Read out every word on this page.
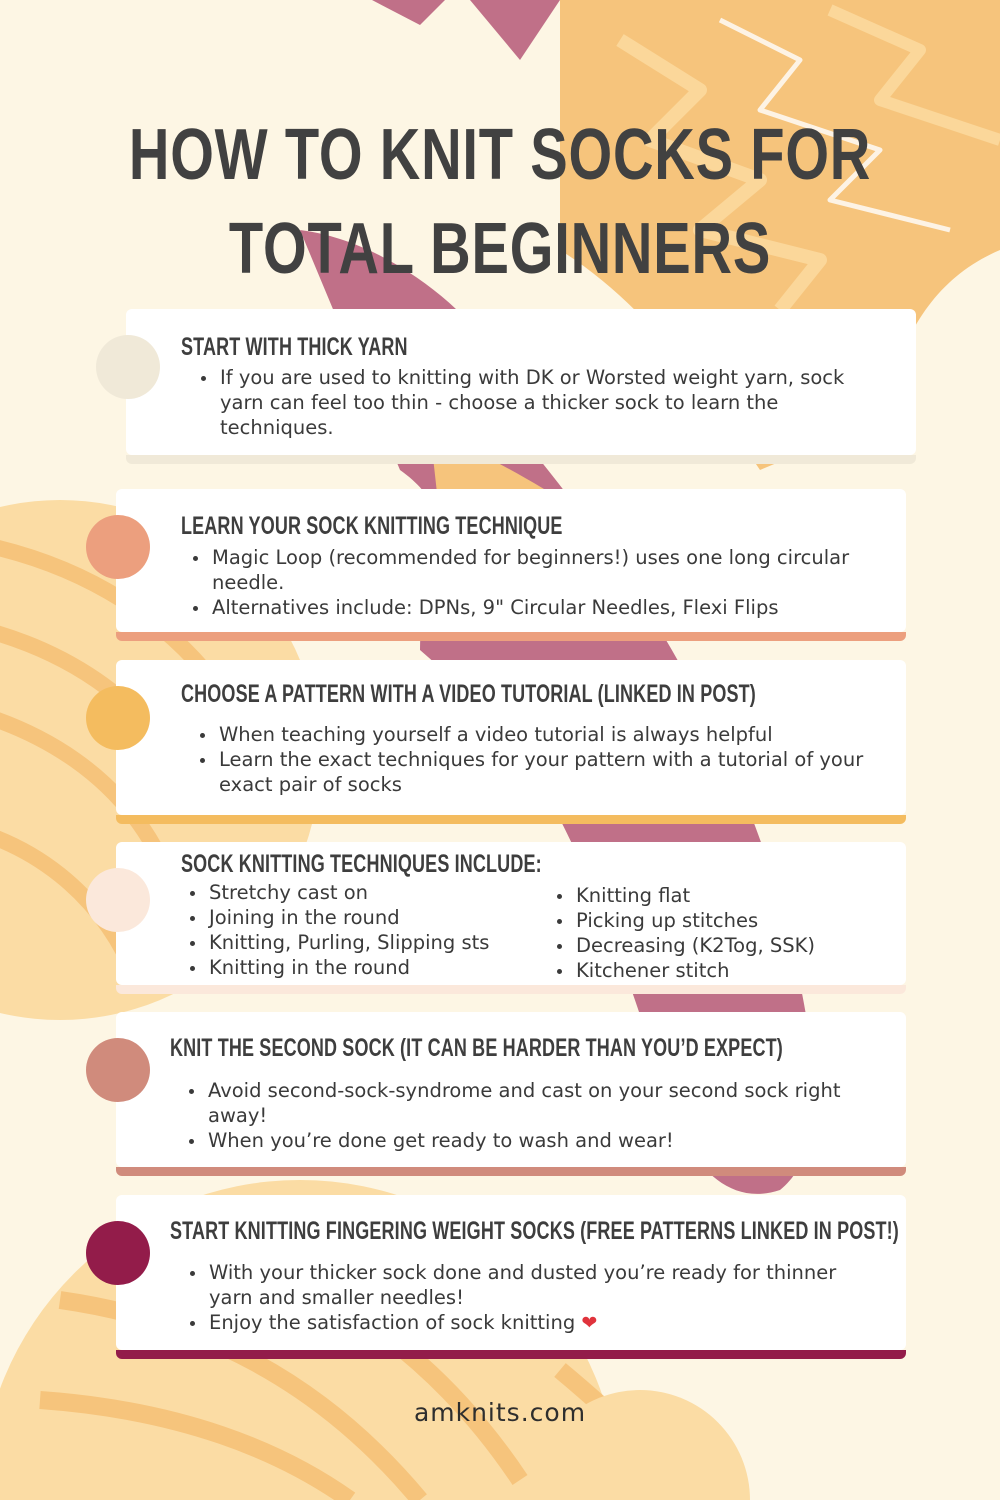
HOW TO KNIT SOCKS FOR
TOTAL BEGINNERS
START WITH THICK YARN
• If you are used to knitting with DK or Worsted weight yarn, sock yarn can feel too thin - choose a thicker sock to learn the techniques.
LEARN YOUR SOCK KNITTING TECHNIQUE
• Magic Loop (recommended for beginners!) uses one long circular needle.
• Alternatives include: DPNs, 9" Circular Needles, Flexi Flips
CHOOSE A PATTERN WITH A VIDEO TUTORIAL (LINKED IN POST)
• When teaching yourself a video tutorial is always helpful
• Learn the exact techniques for your pattern with a tutorial of your exact pair of socks
SOCK KNITTING TECHNIQUES INCLUDE:
• Stretchy cast on
• Joining in the round
• Knitting, Purling, Slipping sts
• Knitting in the round
• Knitting flat
• Picking up stitches
• Decreasing (K2Tog, SSK)
• Kitchener stitch
KNIT THE SECOND SOCK (IT CAN BE HARDER THAN YOU’D EXPECT)
• Avoid second-sock-syndrome and cast on your second sock right away!
• When you’re done get ready to wash and wear!
START KNITTING FINGERING WEIGHT SOCKS (FREE PATTERNS LINKED IN POST!)
• With your thicker sock done and dusted you’re ready for thinner yarn and smaller needles!
• Enjoy the satisfaction of sock knitting ❤
amknits.com
